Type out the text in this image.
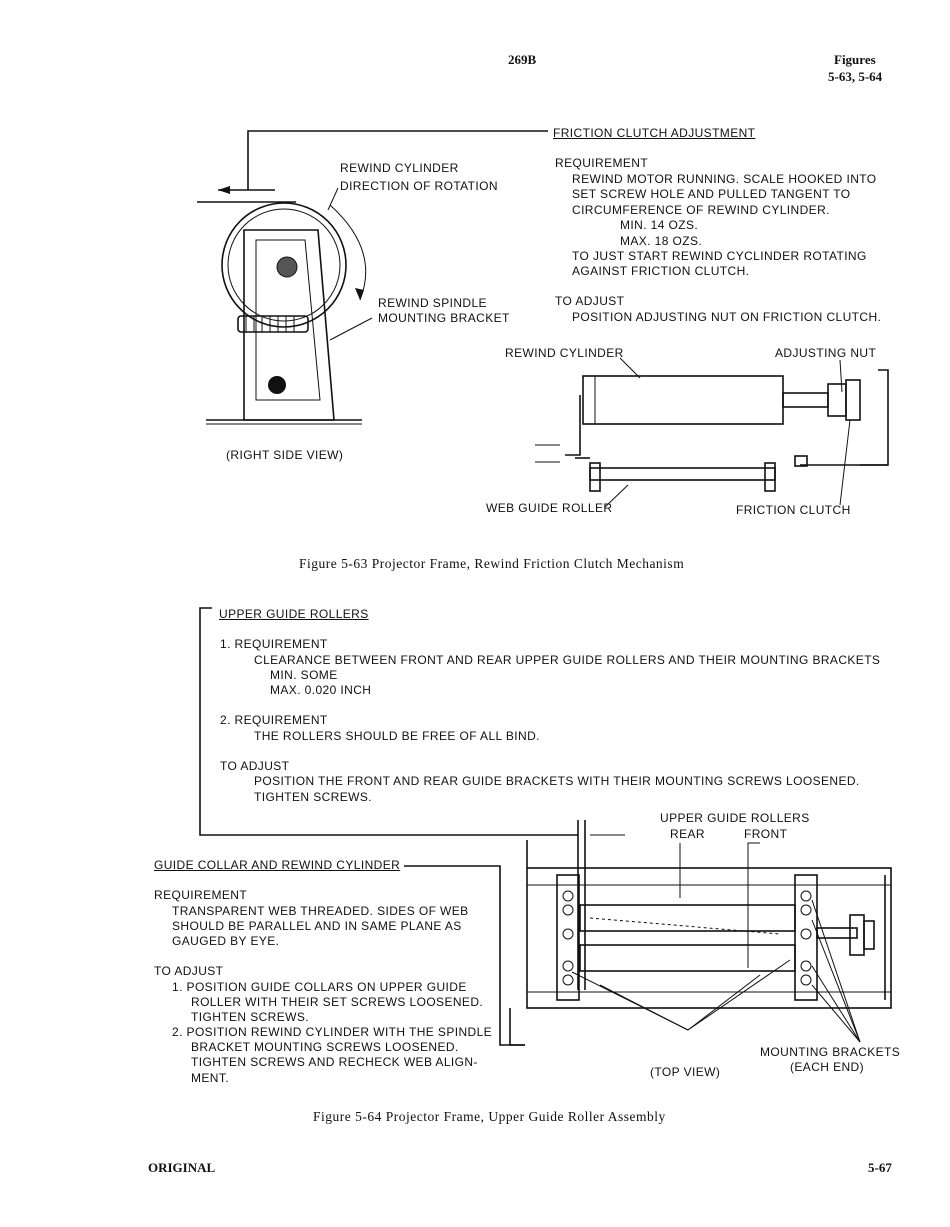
269B	Figures
5-63, 5-64
FRICTION CLUTCH ADJUSTMENT
REQUIREMENT
REWIND MOTOR RUNNING. SCALE HOOKED INTO
SET SCREW HOLE AND PULLED TANGENT TO
CIRCUMFERENCE OF REWIND CYLINDER.
MIN. 14 OZS.
MAX. 18 OZS.
TO JUST START REWIND CYCLINDER ROTATING
AGAINST FRICTION CLUTCH.
TO ADJUST
POSITION ADJUSTING NUT ON FRICTION CLUTCH.
REWIND CYLINDER
DIRECTION OF ROTATION
REWIND SPINDLE
MOUNTING BRACKET
(RIGHT SIDE VIEW)
REWIND CYLINDER	ADJUSTING NUT
WEB GUIDE ROLLER	FRICTION CLUTCH
Figure 5-63 Projector Frame, Rewind Friction Clutch Mechanism
UPPER GUIDE ROLLERS
1. REQUIREMENT
CLEARANCE BETWEEN FRONT AND REAR UPPER GUIDE ROLLERS AND THEIR MOUNTING BRACKETS
MIN. SOME
MAX. 0.020 INCH
2. REQUIREMENT
THE ROLLERS SHOULD BE FREE OF ALL BIND.
TO ADJUST
POSITION THE FRONT AND REAR GUIDE BRACKETS WITH THEIR MOUNTING SCREWS LOOSENED.
TIGHTEN SCREWS.
UPPER GUIDE ROLLERS
REAR	FRONT
GUIDE COLLAR AND REWIND CYLINDER
REQUIREMENT
TRANSPARENT WEB THREADED. SIDES OF WEB
SHOULD BE PARALLEL AND IN SAME PLANE AS
GAUGED BY EYE.
TO ADJUST
1. POSITION GUIDE COLLARS ON UPPER GUIDE
ROLLER WITH THEIR SET SCREWS LOOSENED.
TIGHTEN SCREWS.
2. POSITION REWIND CYLINDER WITH THE SPINDLE
BRACKET MOUNTING SCREWS LOOSENED.
TIGHTEN SCREWS AND RECHECK WEB ALIGN-
MENT.
MOUNTING BRACKETS
(EACH END)
(TOP VIEW)
Figure 5-64 Projector Frame, Upper Guide Roller Assembly
ORIGINAL	5-67
